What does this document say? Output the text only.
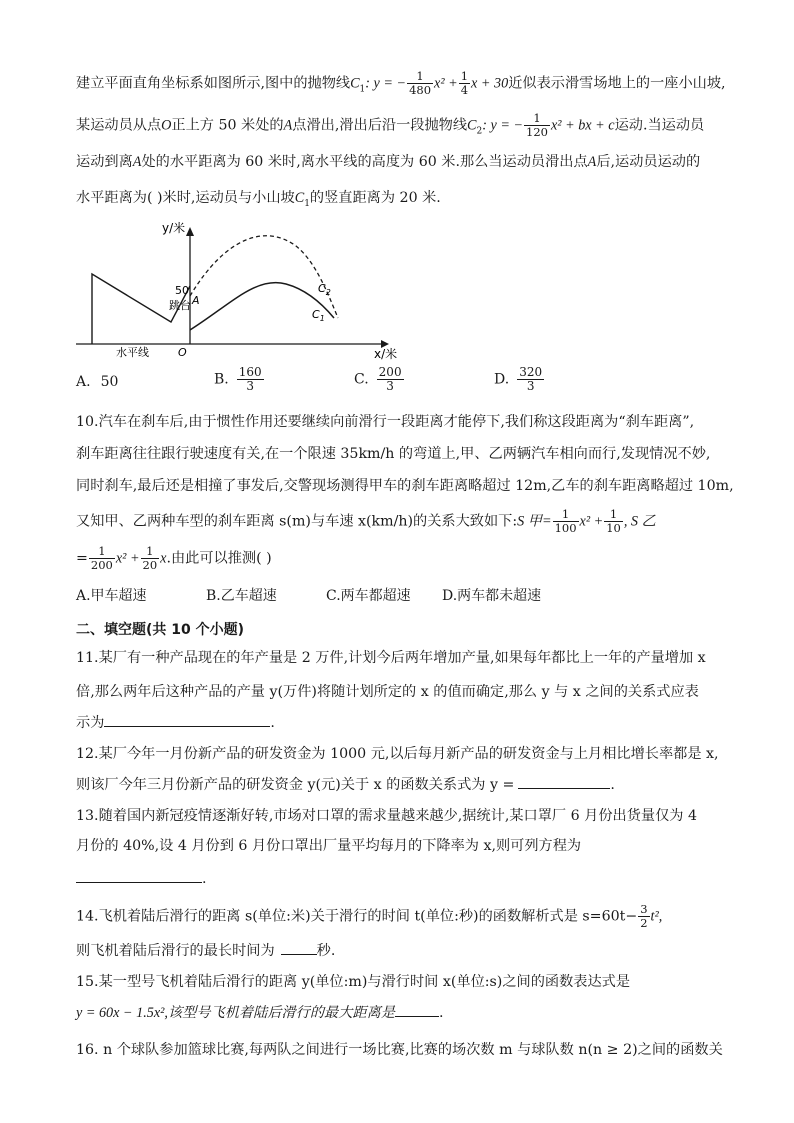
建立平面直角坐标系如图所示,图中的抛物线$C_1$: y = − $\frac{1}{480} x^2 + \frac{1}{4}$ x + 30近似表示滑雪场地上的一座小山坡,
某运动员从点O正上方 50 米处的A点滑出,滑出后沿一段抛物线$C_2$: y = − $\frac{1}{120} x^2$ + bx + c运动.当运动员
运动到离A处的水平距离为 60 米时,离水平线的高度为 60 米.那么当运动员滑出点A后,运动员运动的
水平距离为( )米时,运动员与小山坡$C_1$的竖直距离为 20 米.
y/米
x/米
50
跳台 A
O
$C_2$
$C_1$
水平线
A. 50	B. $\frac{160}{3}$	C. $\frac{200}{3}$	D. $\frac{320}{3}$
10.汽车在刹车后,由于惯性作用还要继续向前滑行一段距离才能停下,我们称这段距离为“刹车距离”,
刹车距离往往跟行驶速度有关,在一个限速 35km/h 的弯道上,甲、乙两辆汽车相向而行,发现情况不妙,
同时刹车,最后还是相撞了事发后,交警现场测得甲车的刹车距离略超过 12m,乙车的刹车距离略超过 10m,
又知甲、乙两种车型的刹车距离 s(m)与车速 x(km/h)的关系大致如下:S 甲= $\frac{1}{100} x^2 + \frac{1}{10}$ , S 乙
= $\frac{1}{200} x^2 + \frac{1}{20} x$.由此可以推测( )
A.甲车超速	B.乙车超速	C.两车都超速 D.两车都未超速
二、填空题(共 10 个小题)
11.某厂有一种产品现在的年产量是 2 万件,计划今后两年增加产量,如果每年都比上一年的产量增加 x
倍,那么两年后这种产品的产量 y(万件)将随计划所定的 x 的值而确定,那么 y 与 x 之间的关系式应表
示为	.
12.某厂今年一月份新产品的研发资金为 1000 元,以后每月新产品的研发资金与上月相比增长率都是 x,
则该厂今年三月份新产品的研发资金 y(元)关于 x 的函数关系式为 y =	.
13.随着国内新冠疫情逐渐好转,市场对口罩的需求量越来越少,据统计,某口罩厂 6 月份出货量仅为 4
月份的 40%,设 4 月份到 6 月份口罩出厂量平均每月的下降率为 x,则可列方程为
.
14.飞机着陆后滑行的距离 s(单位:米)关于滑行的时间 t(单位:秒)的函数解析式是 $s=60t- \frac{3}{2} t^2$,
则飞机着陆后滑行的最长时间为	秒.
15.某一型号飞机着陆后滑行的距离 y(单位:m)与滑行时间 x(单位:s)之间的函数表达式是
y = 60x − 1.5x²,该型号飞机着陆后滑行的最大距离是	.
16. n 个球队参加篮球比赛,每两队之间进行一场比赛,比赛的场次数 m 与球队数 n(n ≥ 2)之间的函数关
